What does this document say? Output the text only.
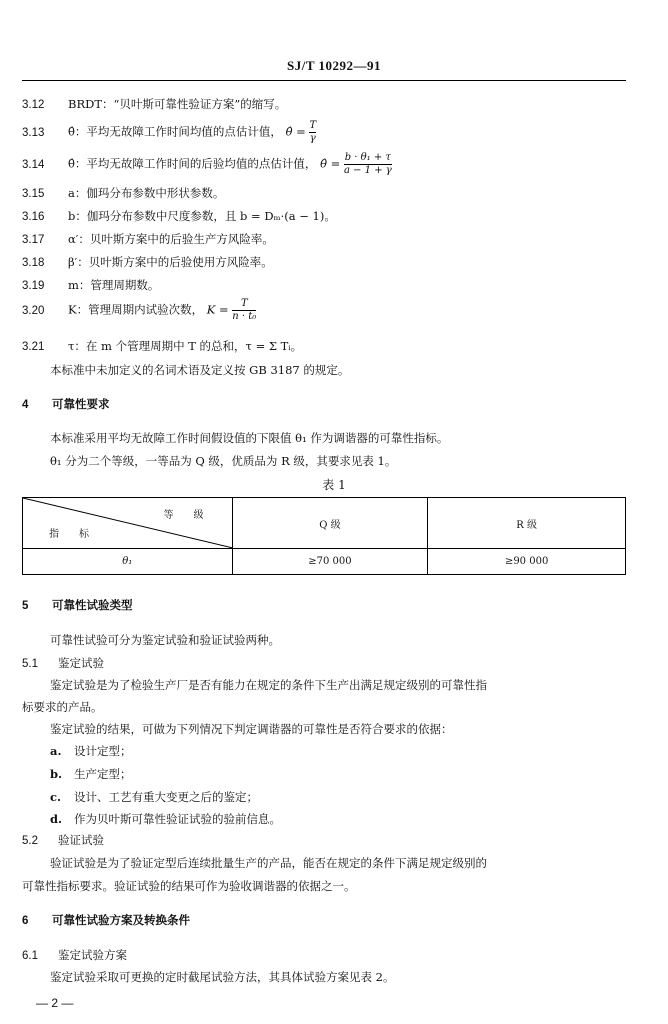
SJ/T 10292—91
3.12 BRDT：“贝叶斯可靠性验证方案”的缩写。
3.13 θ̂：平均无故障工作时间均值的点估计值， θ̂ = $\frac{T}{\gamma}$
3.14 θ̂：平均无故障工作时间的后验均值的点估计值， θ̂ = $\frac{\text{b · θ₁ + τ}}{a - 1 + \gamma}$
3.15 a：伽玛分布参数中形状参数。
3.16 b：伽玛分布参数中尺度参数，且 b = Dₘ·(a − 1)。
3.17 α′：贝叶斯方案中的后验生产方风险率。
3.18 β′：贝叶斯方案中的后验使用方风险率。
3.19 m：管理周期数。
3.20 K：管理周期内试验次数， $K = \frac{T}{\text{n · t₀}}$
3.21 τ：在 m 个管理周期中 T 的总和，τ = Σ Tᵢ。
本标准中未加定义的名词术语及定义按 GB 3187 的规定。
4 可靠性要求
本标准采用平均无故障工作时间假设值的下限值 θ₁ 作为调谐器的可靠性指标。
θ₁ 分为二个等级，一等品为 Q 级，优质品为 R 级，其要求见表 1。
表 1
等　　级
指　　标	Q 级	R 级
θ₁	≥70 000	≥90 000
5 可靠性试验类型
可靠性试验可分为鉴定试验和验证试验两种。
5.1 鉴定试验
鉴定试验是为了检验生产厂是否有能力在规定的条件下生产出满足规定级别的可靠性指
标要求的产品。
鉴定试验的结果，可做为下列情况下判定调谐器的可靠性是否符合要求的依据：
a. 设计定型；
b. 生产定型；
c. 设计、工艺有重大变更之后的鉴定；
d. 作为贝叶斯可靠性验证试验的验前信息。
5.2 验证试验
验证试验是为了验证定型后连续批量生产的产品，能否在规定的条件下满足规定级别的
可靠性指标要求。验证试验的结果可作为验收调谐器的依据之一。
6 可靠性试验方案及转换条件
6.1 鉴定试验方案
鉴定试验采取可更换的定时截尾试验方法，其具体试验方案见表 2。
— 2 —
